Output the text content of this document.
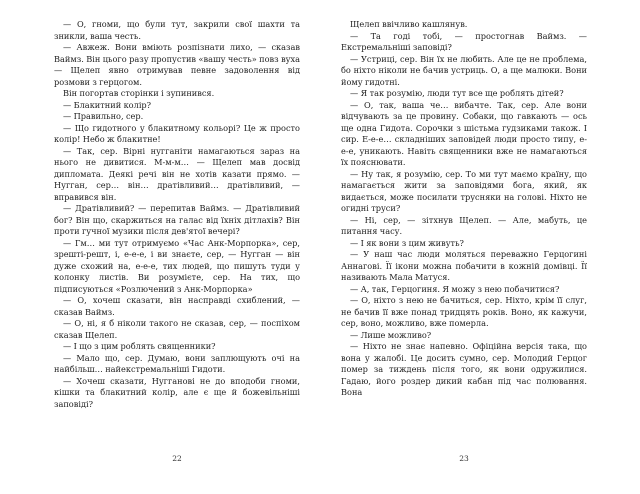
— О, гноми, що були тут, закрили свої шахти та зникли, ваша честь.

— Авжеж. Вони вміють розпізнати лихо, — сказав Ваймз. Він цього разу пропустив «вашу честь» повз вуха — Щелеп явно отримував певне задоволення від розмови з герцогом.

Він погортав сторінки і зупинився.

— Блакитний колір?

— Правильно, сер.

— Що гидотного у блакитному кольорі? Це ж просто колір! Небо ж блакитне!

— Так, сер. Вірні нугганіти намагаються зараз на нього не дивитися. М-м-м… — Щелеп мав досвід дипломата. Деякі речі він не хотів казати прямо. — Нугган, сер… він… дратівливий… дратівливий, — вправився він.

— Дратівливий? — перепитав Ваймз. — Дратівливий бог? Він що, скаржиться на галас від їхніх дітлахів? Він проти гучної музики після дев'ятої вечері?

— Гм… ми тут отримуємо «Час Анк-Морпорка», сер, зрешті-решт, і, е-е-е, і ви знаєте, сер, — Нугган — він дуже схожий на, е-е-е, тих людей, що пишуть туди у колонку листів. Ви розумієте, сер. На тих, що підписуються «Розлючений з Анк-Морпорка»

— О, хочеш сказати, він насправді схиблений, — сказав Ваймз.

— О, ні, я б ніколи такого не сказав, сер, — поспіхом сказав Щелеп.

— І що з цим роблять священники?

— Мало що, сер. Думаю, вони заплющують очі на найбільш… найекстремальніші Гидоти.

— Хочеш сказати, Нугганові не до вподоби гноми, кішки та блакитний колір, але є ще й божевільніші заповіді?

22

Щелеп ввічливо кашлянув.

— Та годі тобі, — простогнав Ваймз. — Екстремальніші заповіді?

— Устриці, сер. Він їх не любить. Але це не проблема, бо ніхто ніколи не бачив устриць. О, а ще малюки. Вони йому гидотні.

— Я так розумію, люди тут все ще роблять дітей?

— О, так, ваша че… вибачте. Так, сер. Але вони відчувають за це провину. Собаки, що гавкають — ось ще одна Гидота. Сорочки з шістьма гудзиками також. І сир. Е-е-е… складніших заповідей люди просто типу, е-е-е, уникають. Навіть священники вже не намагаються їх пояснювати.

— Ну так, я розумію, сер. То ми тут маємо країну, що намагається жити за заповідями бога, який, як видається, може посилати трусняки на голові. Ніхто не огидні труси?

— Ні, сер, — зітхнув Щелеп. — Але, мабуть, це питання часу.

— І як вони з цим живуть?

— У наш час люди моляться переважно Герцогині Аннагові. Її ікони можна побачити в кожній домівці. Її називають Мала Матуся.

— А, так, Герцогиня. Я можу з нею побачитися?

— О, ніхто з нею не бачиться, сер. Ніхто, крім її слуг, не бачив її вже понад тридцять років. Воно, як кажучи, сер, воно, можливо, вже померла.

— Лише можливо?

— Ніхто не знає напевно. Офіційна версія така, що вона у жалобі. Це досить сумно, сер. Молодий Герцог помер за тиждень після того, як вони одружилися. Гадаю, його роздер дикий кабан під час полювання. Вона

23
